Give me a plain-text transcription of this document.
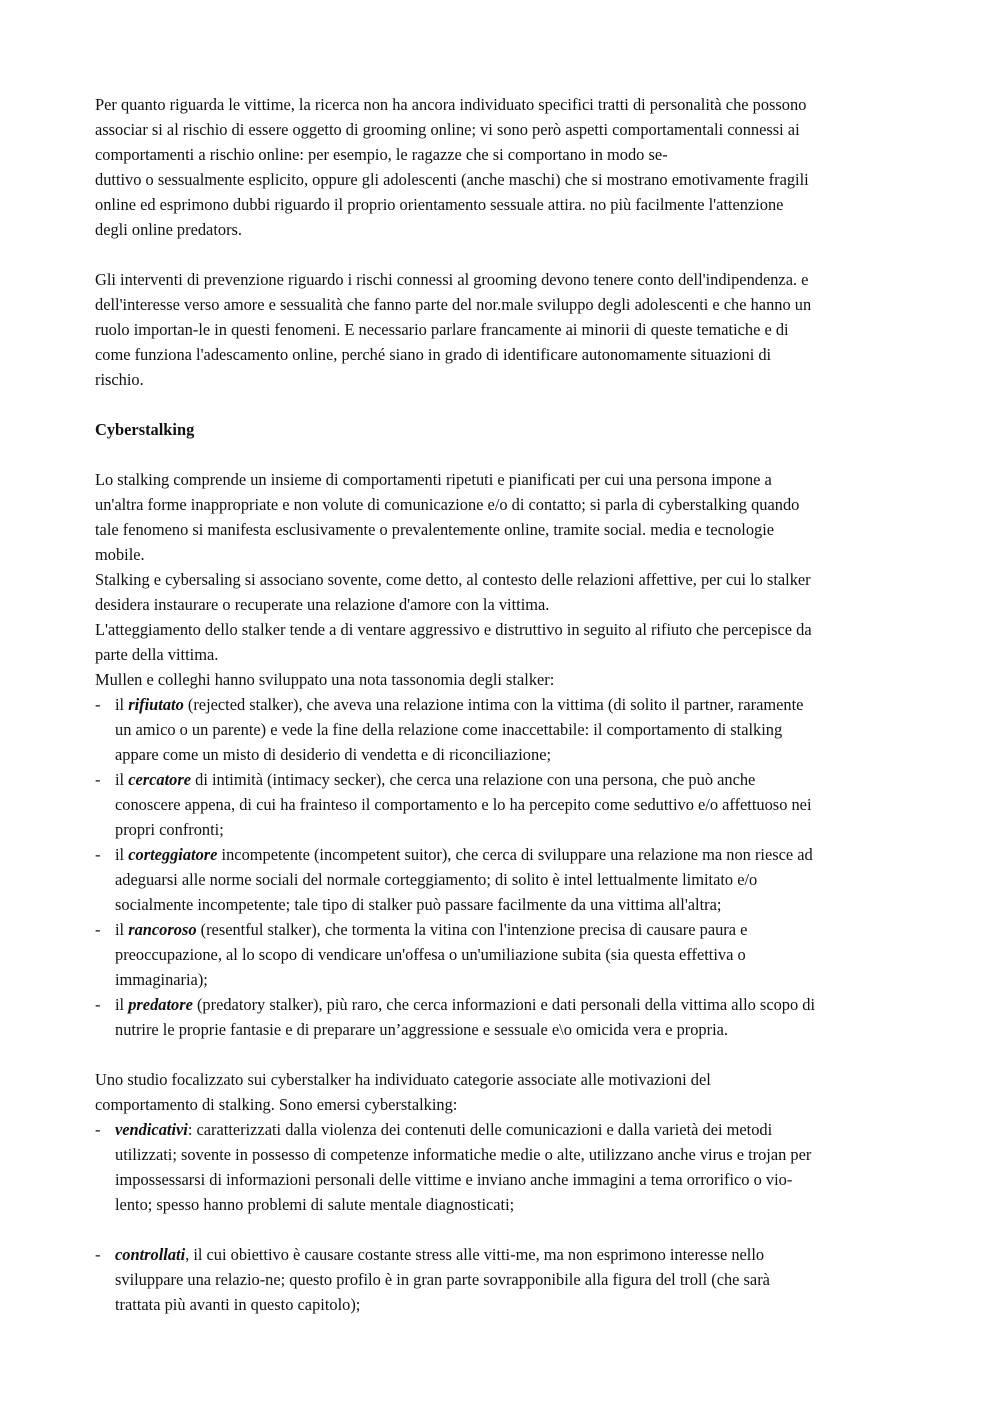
Per quanto riguarda le vittime, la ricerca non ha ancora individuato specifici tratti di personalità che possono
associar si al rischio di essere oggetto di grooming online; vi sono però aspetti comportamentali connessi ai
comportamenti a rischio online: per esempio, le ragazze che si comportano in modo se-
duttivo o sessualmente esplicito, oppure gli adolescenti (anche maschi) che si mostrano emotivamente fragili
online ed esprimono dubbi riguardo il proprio orientamento sessuale attira. no più facilmente l'attenzione
degli online predators.
Gli interventi di prevenzione riguardo i rischi connessi al grooming devono tenere conto dell'indipendenza. e
dell'interesse verso amore e sessualità che fanno parte del nor.male sviluppo degli adolescenti e che hanno un
ruolo importan-le in questi fenomeni. E necessario parlare francamente ai minorii di queste tematiche e di
come funziona l'adescamento online, perché siano in grado di identificare autonomamente situazioni di
rischio.
Cyberstalking
Lo stalking comprende un insieme di comportamenti ripetuti e pianificati per cui una persona impone a
un'altra forme inappropriate e non volute di comunicazione e/o di contatto; si parla di cyberstalking quando
tale fenomeno si manifesta esclusivamente o prevalentemente online, tramite social. media e tecnologie
mobile.
Stalking e cybersaling si associano sovente, come detto, al contesto delle relazioni affettive, per cui lo stalker
desidera instaurare o recuperate una relazione d'amore con la vittima.
L'atteggiamento dello stalker tende a di ventare aggressivo e distruttivo in seguito al rifiuto che percepisce da
parte della vittima.
Mullen e colleghi hanno sviluppato una nota tassonomia degli stalker:
- il rifiutato (rejected stalker), che aveva una relazione intima con la vittima (di solito il partner, raramente
un amico o un parente) e vede la fine della relazione come inaccettabile: il comportamento di stalking
appare come un misto di desiderio di vendetta e di riconciliazione;
- il cercatore di intimità (intimacy secker), che cerca una relazione con una persona, che può anche
conoscere appena, di cui ha frainteso il comportamento e lo ha percepito come seduttivo e/o affettuoso nei
propri confronti;
- il corteggiatore incompetente (incompetent suitor), che cerca di sviluppare una relazione ma non riesce ad
adeguarsi alle norme sociali del normale corteggiamento; di solito è intel lettualmente limitato e/o
socialmente incompetente; tale tipo di stalker può passare facilmente da una vittima all'altra;
- il rancoroso (resentful stalker), che tormenta la vitina con l'intenzione precisa di causare paura e
preoccupazione, al lo scopo di vendicare un'offesa o un'umiliazione subita (sia questa effettiva o
immaginaria);
- il predatore (predatory stalker), più raro, che cerca informazioni e dati personali della vittima allo scopo di
nutrire le proprie fantasie e di preparare un’aggressione e sessuale e\o omicida vera e propria.
Uno studio focalizzato sui cyberstalker ha individuato categorie associate alle motivazioni del
comportamento di stalking. Sono emersi cyberstalking:
- vendicativi: caratterizzati dalla violenza dei contenuti delle comunicazioni e dalla varietà dei metodi
utilizzati; sovente in possesso di competenze informatiche medie o alte, utilizzano anche virus e trojan per
impossessarsi di informazioni personali delle vittime e inviano anche immagini a tema orrorifico o vio-
lento; spesso hanno problemi di salute mentale diagnosticati;
- controllati, il cui obiettivo è causare costante stress alle vitti-me, ma non esprimono interesse nello
sviluppare una relazio-ne; questo profilo è in gran parte sovrapponibile alla figura del troll (che sarà
trattata più avanti in questo capitolo);
